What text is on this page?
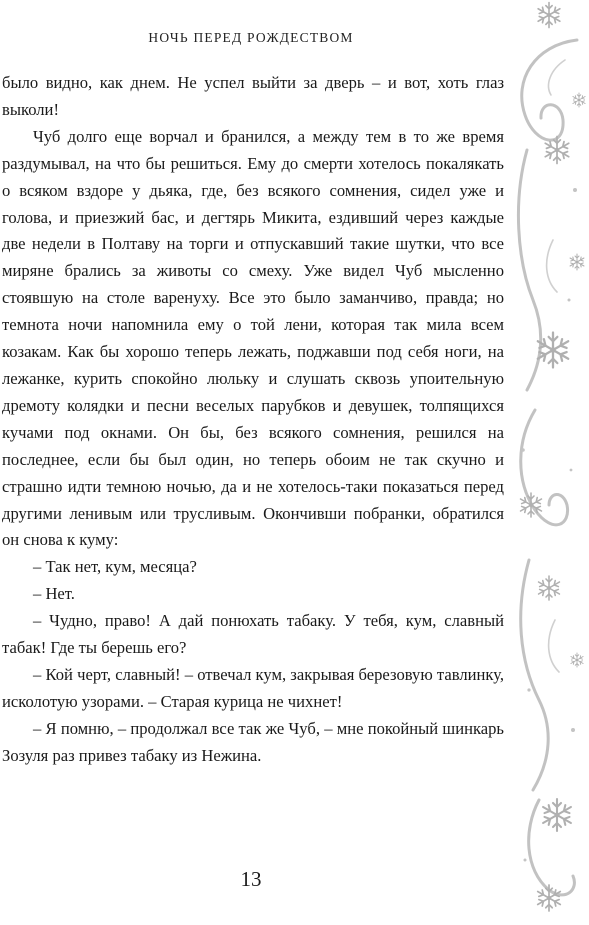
НОЧЬ ПЕРЕД РОЖДЕСТВОМ

было видно, как днем. Не успел выйти за дверь – и вот, хоть глаз выколи!

Чуб долго еще ворчал и бранился, а между тем в то же время раздумывал, на что бы решиться. Ему до смерти хотелось покалякать о всяком вздоре у дьяка, где, без всякого сомнения, сидел уже и голова, и приезжий бас, и дегтярь Микита, ездивший через каждые две недели в Полтаву на торги и отпускавший такие шутки, что все миряне брались за животы со смеху. Уже видел Чуб мысленно стоявшую на столе варенуху. Все это было заманчиво, правда; но темнота ночи напомнила ему о той лени, которая так мила всем козакам. Как бы хорошо теперь лежать, поджавши под себя ноги, на лежанке, курить спокойно люльку и слушать сквозь упоительную дремоту колядки и песни веселых парубков и девушек, толпящихся кучами под окнами. Он бы, без всякого сомнения, решился на последнее, если бы был один, но теперь обоим не так скучно и страшно идти темною ночью, да и не хотелось-таки показаться перед другими ленивым или трусливым. Окончивши побранки, обратился он снова к куму:

– Так нет, кум, месяца?

– Нет.

– Чудно, право! А дай понюхать табаку. У тебя, кум, славный табак! Где ты берешь его?

– Кой черт, славный! – отвечал кум, закрывая березовую тавлинку, исколотую узорами. – Старая курица не чихнет!

– Я помню, – продолжал все так же Чуб, – мне покойный шинкарь Зозуля раз привез табаку из Нежина.

13
